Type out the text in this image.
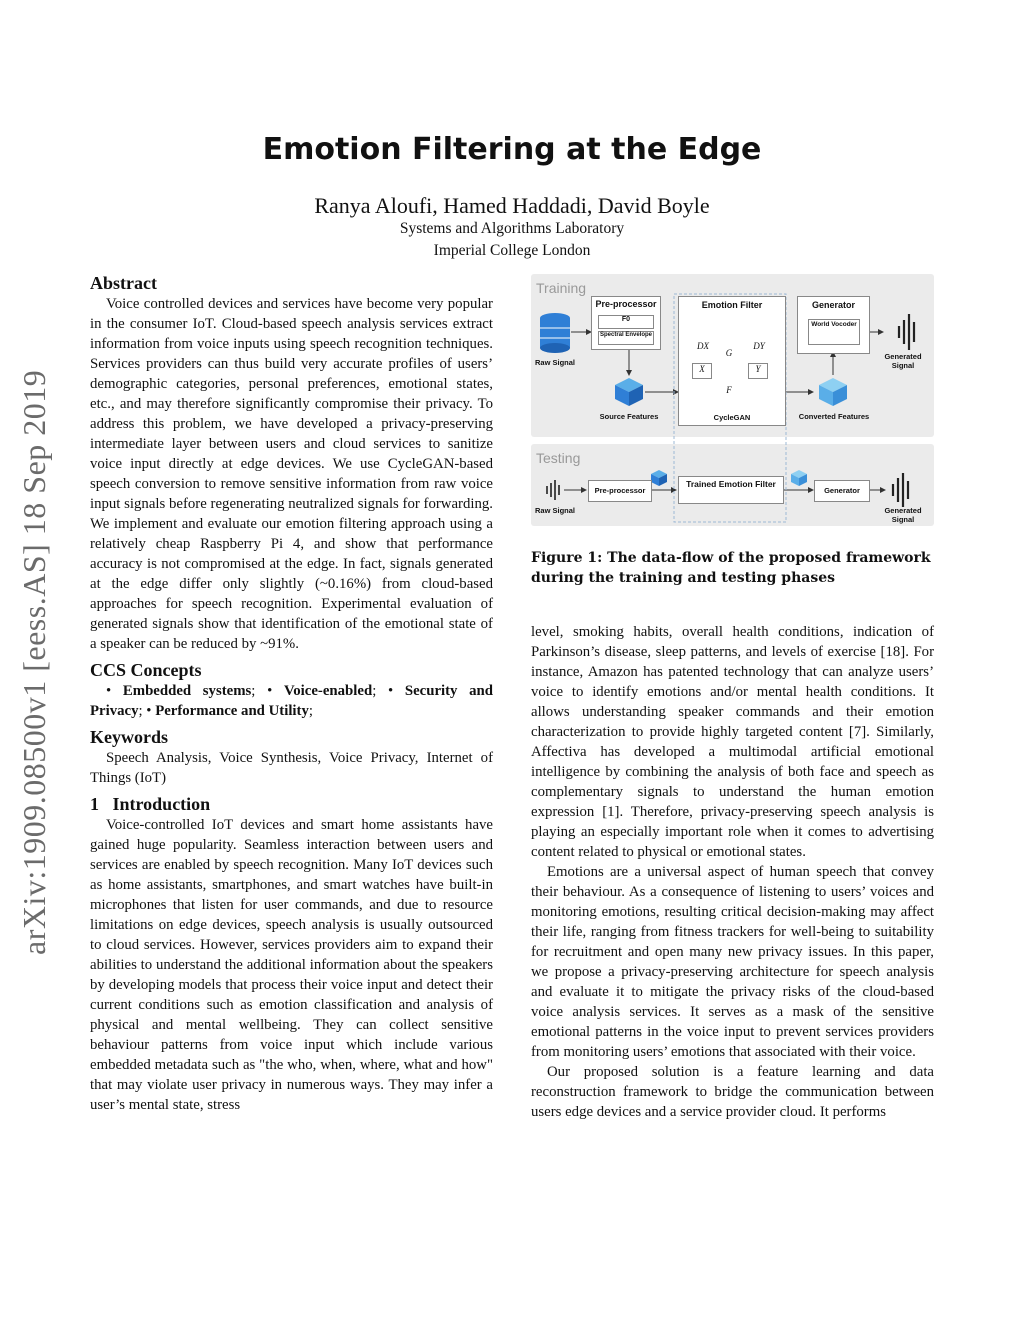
Emotion Filtering at the Edge
Ranya Aloufi, Hamed Haddadi, David Boyle
Systems and Algorithms Laboratory
Imperial College London
arXiv:1909.08500v1 [eess.AS] 18 Sep 2019
Abstract

Voice controlled devices and services have become very popular in the consumer IoT. Cloud-based speech analysis services extract information from voice inputs using speech recognition techniques. Services providers can thus build very accurate profiles of users’ demographic categories, personal preferences, emotional states, etc., and may therefore significantly compromise their privacy. To address this problem, we have developed a privacy-preserving intermediate layer between users and cloud services to sanitize voice input directly at edge devices. We use CycleGAN-based speech conversion to remove sensitive information from raw voice input signals before regenerating neutralized signals for forwarding. We implement and evaluate our emotion filtering approach using a relatively cheap Raspberry Pi 4, and show that performance accuracy is not compromised at the edge. In fact, signals generated at the edge differ only slightly (~0.16%) from cloud-based approaches for speech recognition. Experimental evaluation of generated signals show that identification of the emotional state of a speaker can be reduced by ~91%.

CCS Concepts
• Embedded systems; • Voice-enabled; • Security and Privacy; • Performance and Utility;
Keywords

Speech Analysis, Voice Synthesis, Voice Privacy, Internet of Things (IoT)

1 Introduction

Voice-controlled IoT devices and smart home assistants have gained huge popularity. Seamless interaction between users and services are enabled by speech recognition. Many IoT devices such as home assistants, smartphones, and smart watches have built-in microphones that listen for user commands, and due to resource limitations on edge devices, speech analysis is usually outsourced to cloud services. However, services providers aim to expand their abilities to understand the additional information about the speakers by developing models that process their voice input and detect their current conditions such as emotion classification and analysis of physical and mental wellbeing. They can collect sensitive behaviour patterns from voice input which include various embedded metadata such as "the who, when, where, what and how" that may violate user privacy in numerous ways. They may infer a user’s mental state, stress

Training
Testing
Pre-processor
F0
Spectral Envelope
Raw Signal
Source Features
Emotion Filter
X	Y
DX	DY
G
F
CycleGAN
Generator
World Vocoder
Converted Features
Generated Signal
Pre-processor
Trained Emotion Filter
Generator
Raw Signal	Generated Signal
Figure 1: The data-flow of the proposed framework during the training and testing phases

level, smoking habits, overall health conditions, indication of Parkinson’s disease, sleep patterns, and levels of exercise [18]. For instance, Amazon has patented technology that can analyze users’ voice to identify emotions and/or mental health conditions. It allows understanding speaker commands and their emotion characterization to provide highly targeted content [7]. Similarly, Affectiva has developed a multimodal artificial emotional intelligence by combining the analysis of both face and speech as complementary signals to understand the human emotion expression [1]. Therefore, privacy-preserving speech analysis is playing an especially important role when it comes to advertising content related to physical or emotional states.

Emotions are a universal aspect of human speech that convey their behaviour. As a consequence of listening to users’ voices and monitoring emotions, resulting critical decision-making may affect their life, ranging from fitness trackers for well-being to suitability for recruitment and open many new privacy issues. In this paper, we propose a privacy-preserving architecture for speech analysis and evaluate it to mitigate the privacy risks of the cloud-based voice analysis services. It serves as a mask of the sensitive emotional patterns in the voice input to prevent services providers from monitoring users’ emotions that associated with their voice.

Our proposed solution is a feature learning and data reconstruction framework to bridge the communication between users edge devices and a service provider cloud. It performs
